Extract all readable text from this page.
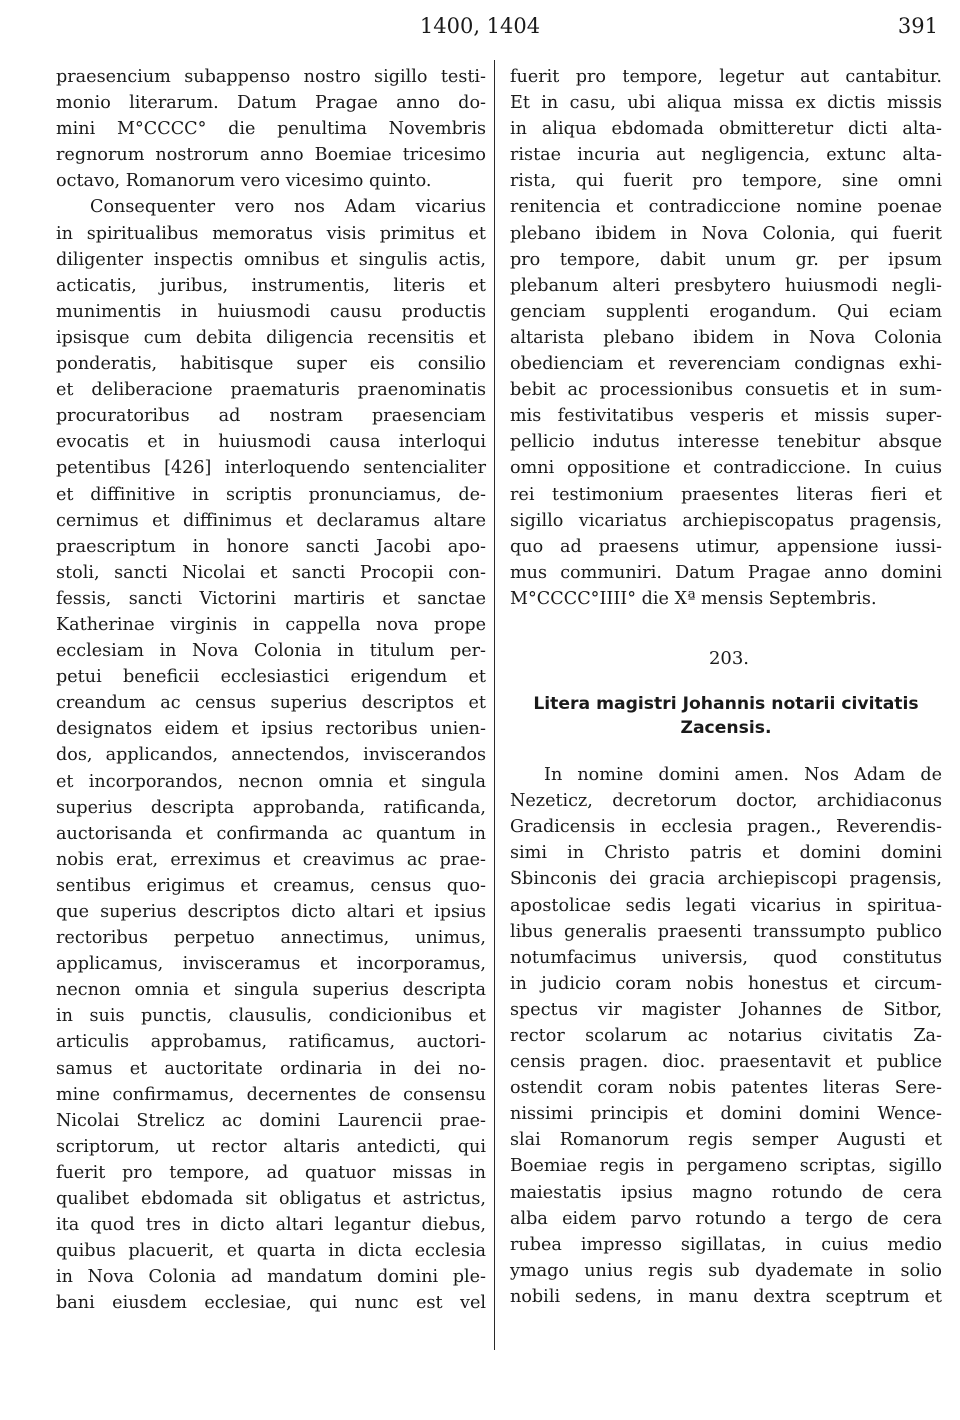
1400, 1404	391
praesencium subappenso nostro sigillo testi-
monio literarum. Datum Pragae anno do-
mini M°CCCC° die penultima Novembris
regnorum nostrorum anno Boemiae tricesimo
octavo, Romanorum vero vicesimo quinto.
Consequenter vero nos Adam vicarius
in spiritualibus memoratus visis primitus et
diligenter inspectis omnibus et singulis actis,
acticatis, juribus, instrumentis, literis et
munimentis in huiusmodi causu productis
ipsisque cum debita diligencia recensitis et
ponderatis, habitisque super eis consilio
et deliberacione praematuris praenominatis
procuratoribus ad nostram praesenciam
evocatis et in huiusmodi causa interloqui
petentibus [426] interloquendo sentencialiter
et diffinitive in scriptis pronunciamus, de-
cernimus et diffinimus et declaramus altare
praescriptum in honore sancti Jacobi apo-
stoli, sancti Nicolai et sancti Procopii con-
fessis, sancti Victorini martiris et sanctae
Katherinae virginis in cappella nova prope
ecclesiam in Nova Colonia in titulum per-
petui beneficii ecclesiastici erigendum et
creandum ac census superius descriptos et
designatos eidem et ipsius rectoribus unien-
dos, applicandos, annectendos, inviscerandos
et incorporandos, necnon omnia et singula
superius descripta approbanda, ratificanda,
auctorisanda et confirmanda ac quantum in
nobis erat, erreximus et creavimus ac prae-
sentibus erigimus et creamus, census quo-
que superius descriptos dicto altari et ipsius
rectoribus perpetuo annectimus, unimus,
applicamus, invisceramus et incorporamus,
necnon omnia et singula superius descripta
in suis punctis, clausulis, condicionibus et
articulis approbamus, ratificamus, auctori-
samus et auctoritate ordinaria in dei no-
mine confirmamus, decernentes de consensu
Nicolai Strelicz ac domini Laurencii prae-
scriptorum, ut rector altaris antedicti, qui
fuerit pro tempore, ad quatuor missas in
qualibet ebdomada sit obligatus et astrictus,
ita quod tres in dicto altari legantur diebus,
quibus placuerit, et quarta in dicta ecclesia
in Nova Colonia ad mandatum domini ple-
bani eiusdem ecclesiae, qui nunc est vel
fuerit pro tempore, legetur aut cantabitur.
Et in casu, ubi aliqua missa ex dictis missis
in aliqua ebdomada obmitteretur dicti alta-
ristae incuria aut negligencia, extunc alta-
rista, qui fuerit pro tempore, sine omni
renitencia et contradiccione nomine poenae
plebano ibidem in Nova Colonia, qui fuerit
pro tempore, dabit unum gr. per ipsum
plebanum alteri presbytero huiusmodi negli-
genciam supplenti erogandum. Qui eciam
altarista plebano ibidem in Nova Colonia
obedienciam et reverenciam condignas exhi-
bebit ac processionibus consuetis et in sum-
mis festivitatibus vesperis et missis super-
pellicio indutus interesse tenebitur absque
omni oppositione et contradiccione. In cuius
rei testimonium praesentes literas fieri et
sigillo vicariatus archiepiscopatus pragensis,
quo ad praesens utimur, appensione iussi-
mus communiri. Datum Pragae anno domini
M°CCCC°IIII° die Xª mensis Septembris.
203.
Litera magistri Johannis notarii civitatis Zacensis.
In nomine domini amen. Nos Adam de
Nezeticz, decretorum doctor, archidiaconus
Gradicensis in ecclesia pragen., Reverendis-
simi in Christo patris et domini domini
Sbinconis dei gracia archiepiscopi pragensis,
apostolicae sedis legati vicarius in spiritua-
libus generalis praesenti transsumpto publico
notumfacimus universis, quod constitutus
in judicio coram nobis honestus et circum-
spectus vir magister Johannes de Sitbor,
rector scolarum ac notarius civitatis Za-
censis pragen. dioc. praesentavit et publice
ostendit coram nobis patentes literas Sere-
nissimi principis et domini domini Wence-
slai Romanorum regis semper Augusti et
Boemiae regis in pergameno scriptas, sigillo
maiestatis ipsius magno rotundo de cera
alba eidem parvo rotundo a tergo de cera
rubea impresso sigillatas, in cuius medio
ymago unius regis sub dyademate in solio
nobili sedens, in manu dextra sceptrum et
